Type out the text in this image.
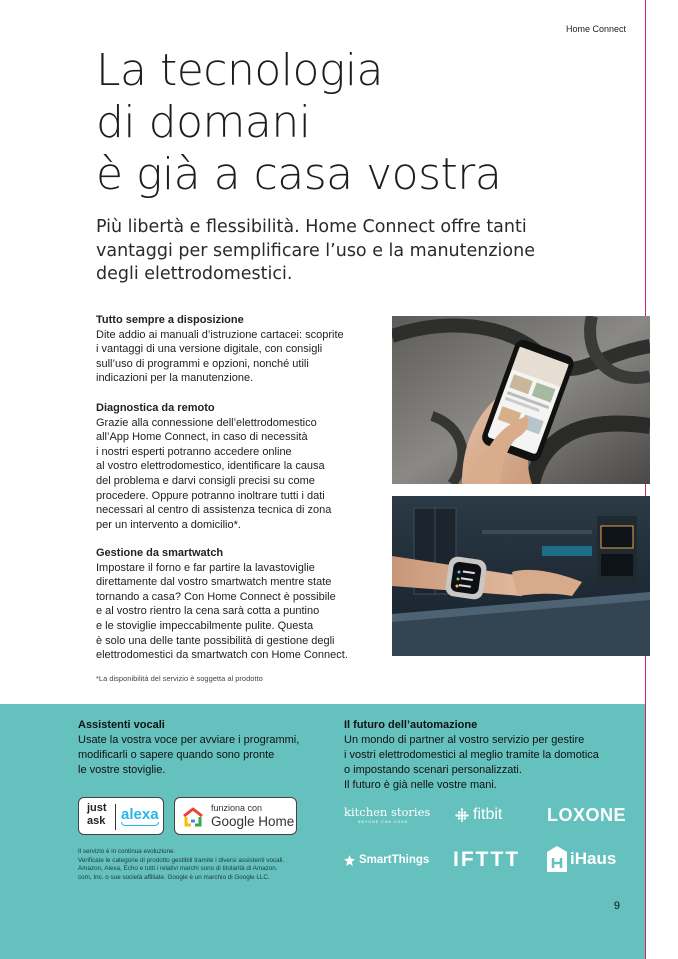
Home Connect
La tecnologia
di domani
è già a casa vostra

Più libertà e flessibilità. Home Connect offre tanti vantaggi per semplificare l’uso e la manutenzione degli elettrodomestici.

Tutto sempre a disposizione

Dite addio ai manuali d’istruzione cartacei: scoprite
i vantaggi di una versione digitale, con consigli
sull’uso di programmi e opzioni, nonché utili
indicazioni per la manutenzione.

Diagnostica da remoto

Grazie alla connessione dell’elettrodomestico
all’App Home Connect, in caso di necessità
i nostri esperti potranno accedere online
al vostro elettrodomestico, identificare la causa
del problema e darvi consigli precisi su come
procedere. Oppure potranno inoltrare tutti i dati
necessari al centro di assistenza tecnica di zona
per un intervento a domicilio*.

Gestione da smartwatch

Impostare il forno e far partire la lavastoviglie
direttamente dal vostro smartwatch mentre state
tornando a casa? Con Home Connect è possibile
e al vostro rientro la cena sarà cotta a puntino
e le stoviglie impeccabilmente pulite. Questa
è solo una delle tante possibilità di gestione degli
elettrodomestici da smartwatch con Home Connect.

*La disponibilità del servizio è soggetta al prodotto
Assistenti vocali

Usate la vostra voce per avviare i programmi,
modificarli o sapere quando sono pronte
le vostre stoviglie.

Il futuro dell’automazione

Un mondo di partner al vostro servizio per gestire
i vostri elettrodomestici al meglio tramite la domotica
o impostando scenari personalizzati.
Il futuro è già nelle vostre mani.

just
ask alexa	funziona con
Google Home

Il servizio è in continua evoluzione.

Verificate le categorie di prodotto gestibili tramite i diversi assistenti vocali.
Amazon, Alexa, Echo e tutti i relativi marchi sono di titolarità di Amazon.
com, Inc. o sue società affiliate. Google è un marchio di Google LLC.

kitchen stories
ANYONE CAN COOK	fitbit LOXONE
SmartThings IFTTT	iHaus
9
